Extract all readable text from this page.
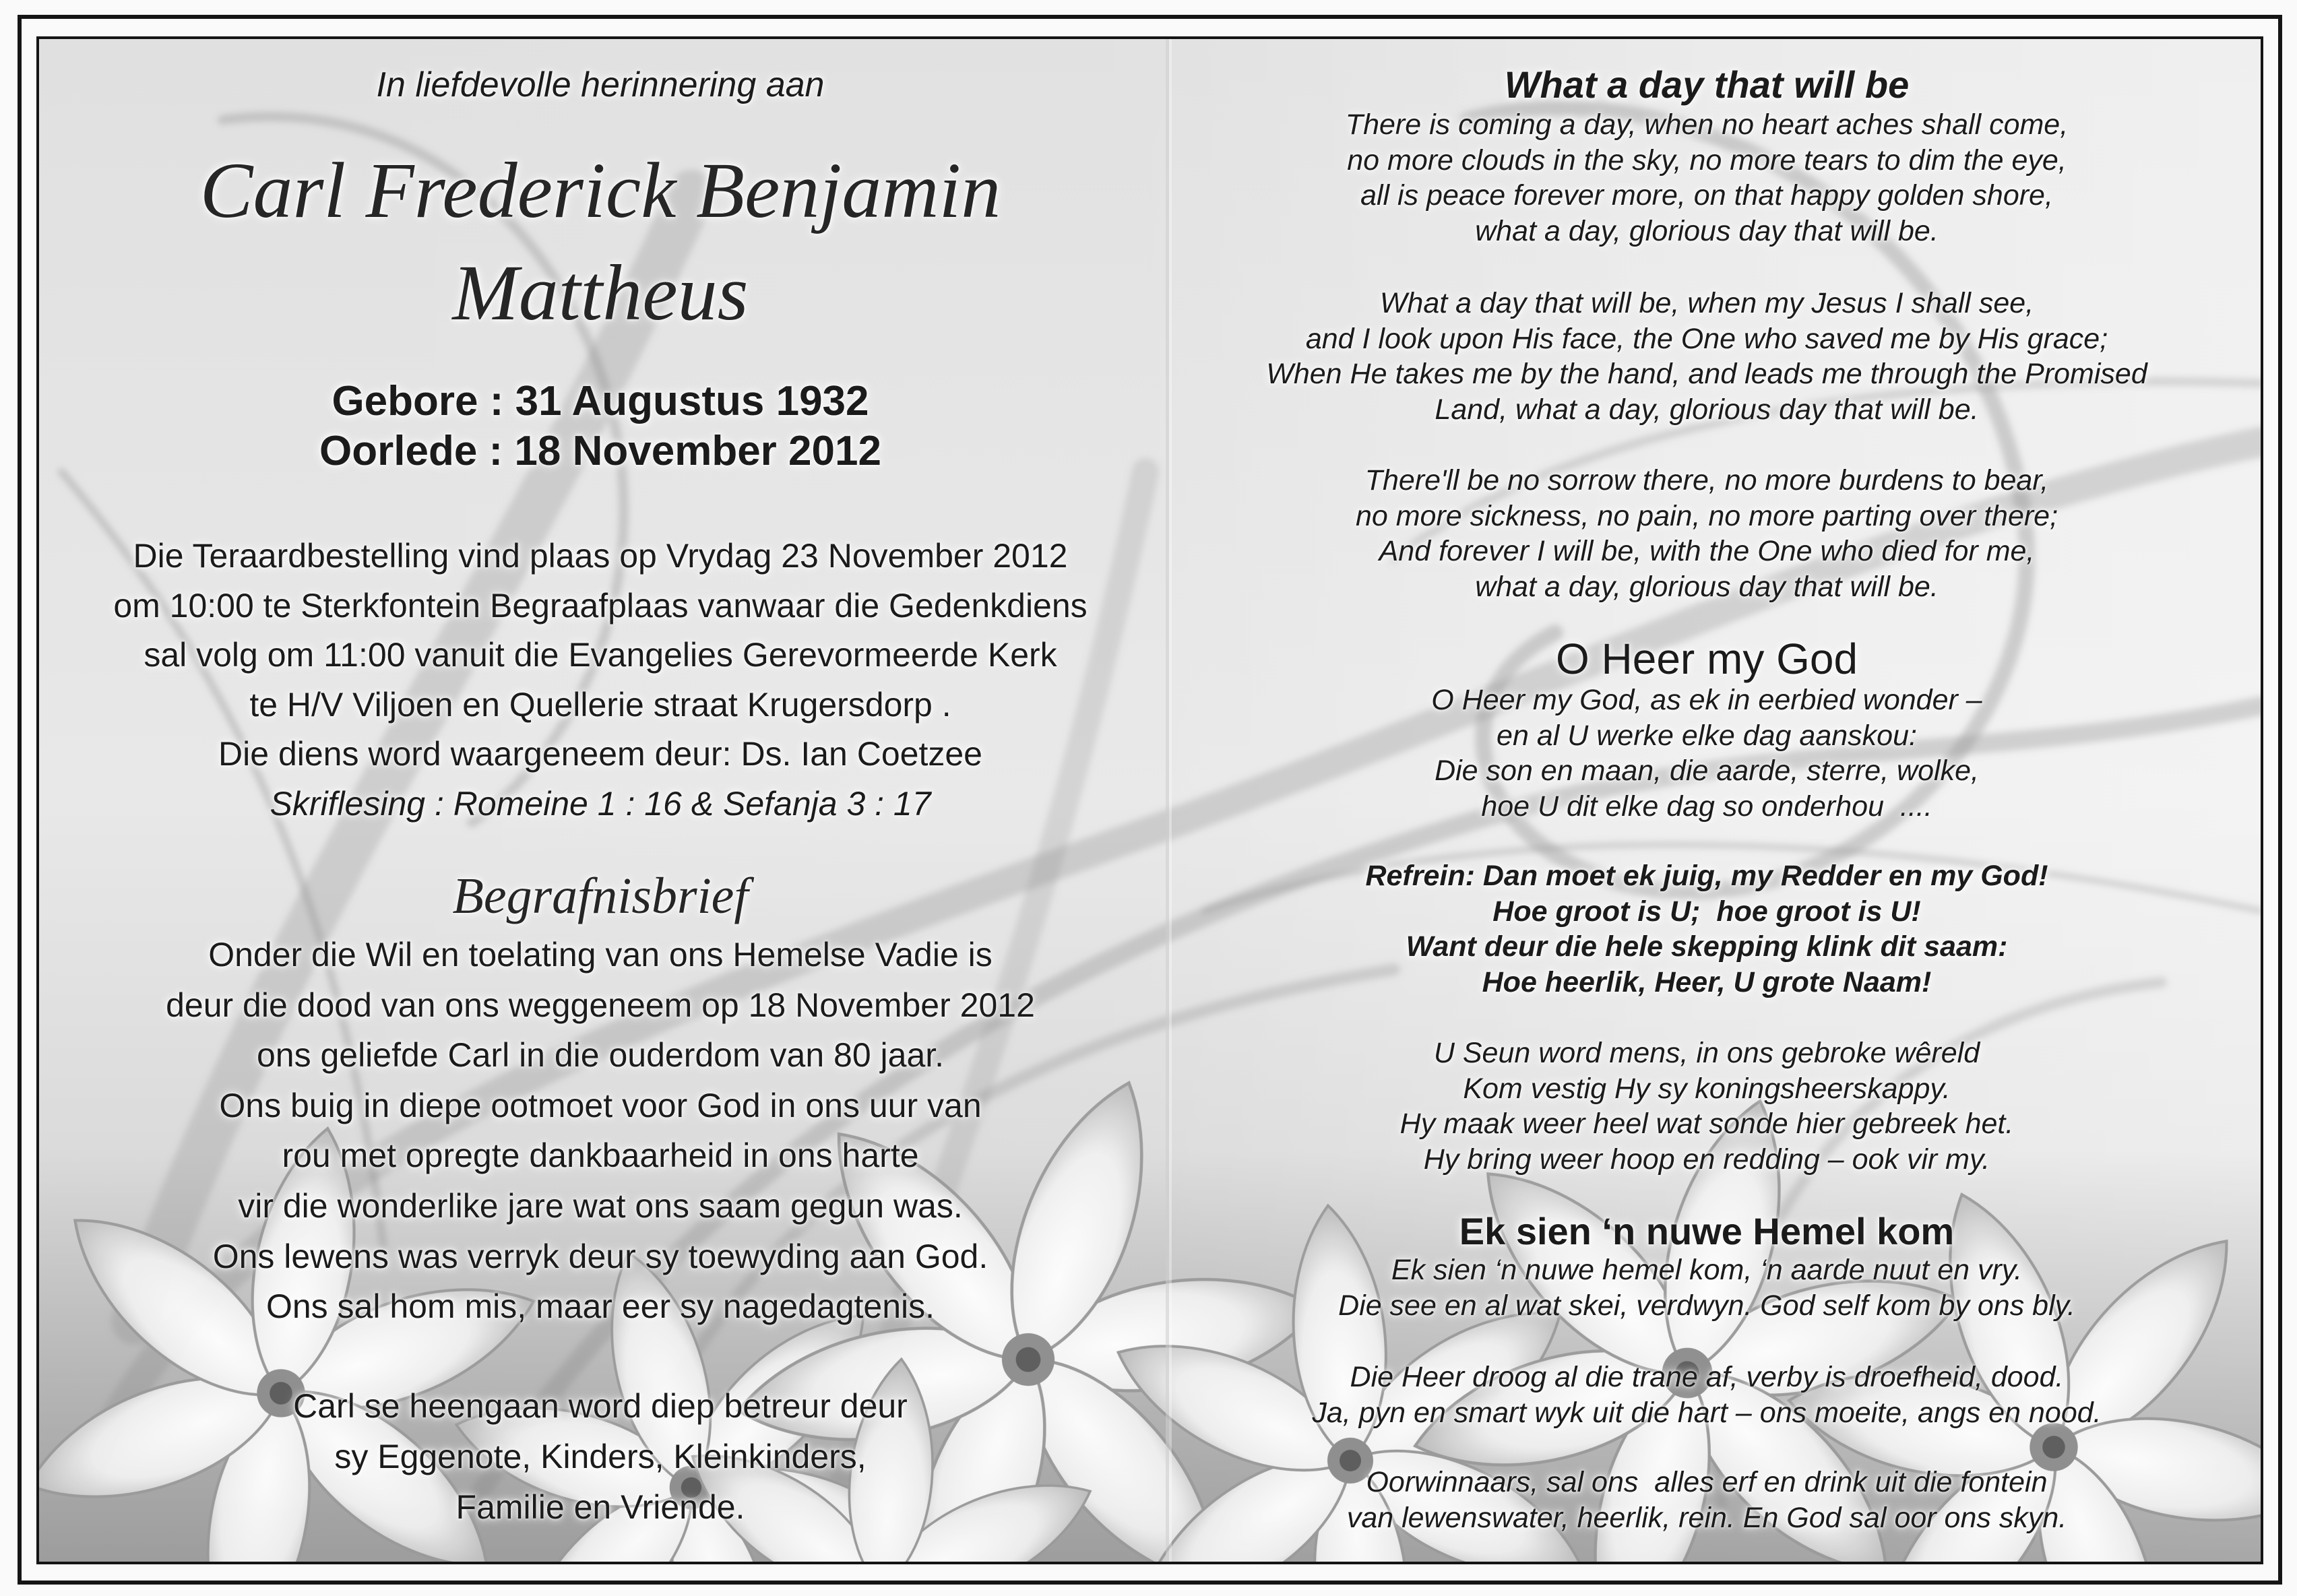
In liefdevolle herinnering aan
Carl Frederick Benjamin
Mattheus
Gebore : 31 Augustus 1932
Oorlede : 18 November 2012
Die Teraardbestelling vind plaas op Vrydag 23 November 2012
om 10:00 te Sterkfontein Begraafplaas vanwaar die Gedenkdiens
sal volg om 11:00 vanuit die Evangelies Gerevormeerde Kerk
te H/V Viljoen en Quellerie straat Krugersdorp .
Die diens word waargeneem deur: Ds. Ian Coetzee
Skriflesing : Romeine 1 : 16 & Sefanja 3 : 17
Begrafnisbrief
Onder die Wil en toelating van ons Hemelse Vadie is
deur die dood van ons weggeneem op 18 November 2012
ons geliefde Carl in die ouderdom van 80 jaar.
Ons buig in diepe ootmoet voor God in ons uur van
rou met opregte dankbaarheid in ons harte
vir die wonderlike jare wat ons saam gegun was.
Ons lewens was verryk deur sy toewyding aan God.
Ons sal hom mis, maar eer sy nagedagtenis.
Carl se heengaan word diep betreur deur
sy Eggenote, Kinders, Kleinkinders,
Familie en Vriende.
What a day that will be
There is coming a day, when no heart aches shall come,
no more clouds in the sky, no more tears to dim the eye,
all is peace forever more, on that happy golden shore,
what a day, glorious day that will be.
What a day that will be, when my Jesus I shall see,
and I look upon His face, the One who saved me by His grace;
When He takes me by the hand, and leads me through the Promised
Land, what a day, glorious day that will be.
There'll be no sorrow there, no more burdens to bear,
no more sickness, no pain, no more parting over there;
And forever I will be, with the One who died for me,
what a day, glorious day that will be.
O Heer my God
O Heer my God, as ek in eerbied wonder –
en al U werke elke dag aanskou:
Die son en maan, die aarde, sterre, wolke,
hoe U dit elke dag so onderhou  ....
Refrein: Dan moet ek juig, my Redder en my God!
Hoe groot is U;  hoe groot is U!
Want deur die hele skepping klink dit saam:
Hoe heerlik, Heer, U grote Naam!
U Seun word mens, in ons gebroke wêreld
Kom vestig Hy sy koningsheerskappy.
Hy maak weer heel wat sonde hier gebreek het.
Hy bring weer hoop en redding – ook vir my.
Ek sien ‘n nuwe Hemel kom
Ek sien ‘n nuwe hemel kom, ‘n aarde nuut en vry.
Die see en al wat skei, verdwyn. God self kom by ons bly.
Die Heer droog al die trane af, verby is droefheid, dood.
Ja, pyn en smart wyk uit die hart – ons moeite, angs en nood.
Oorwinnaars, sal ons  alles erf en drink uit die fontein
van lewenswater, heerlik, rein. En God sal oor ons skyn.
